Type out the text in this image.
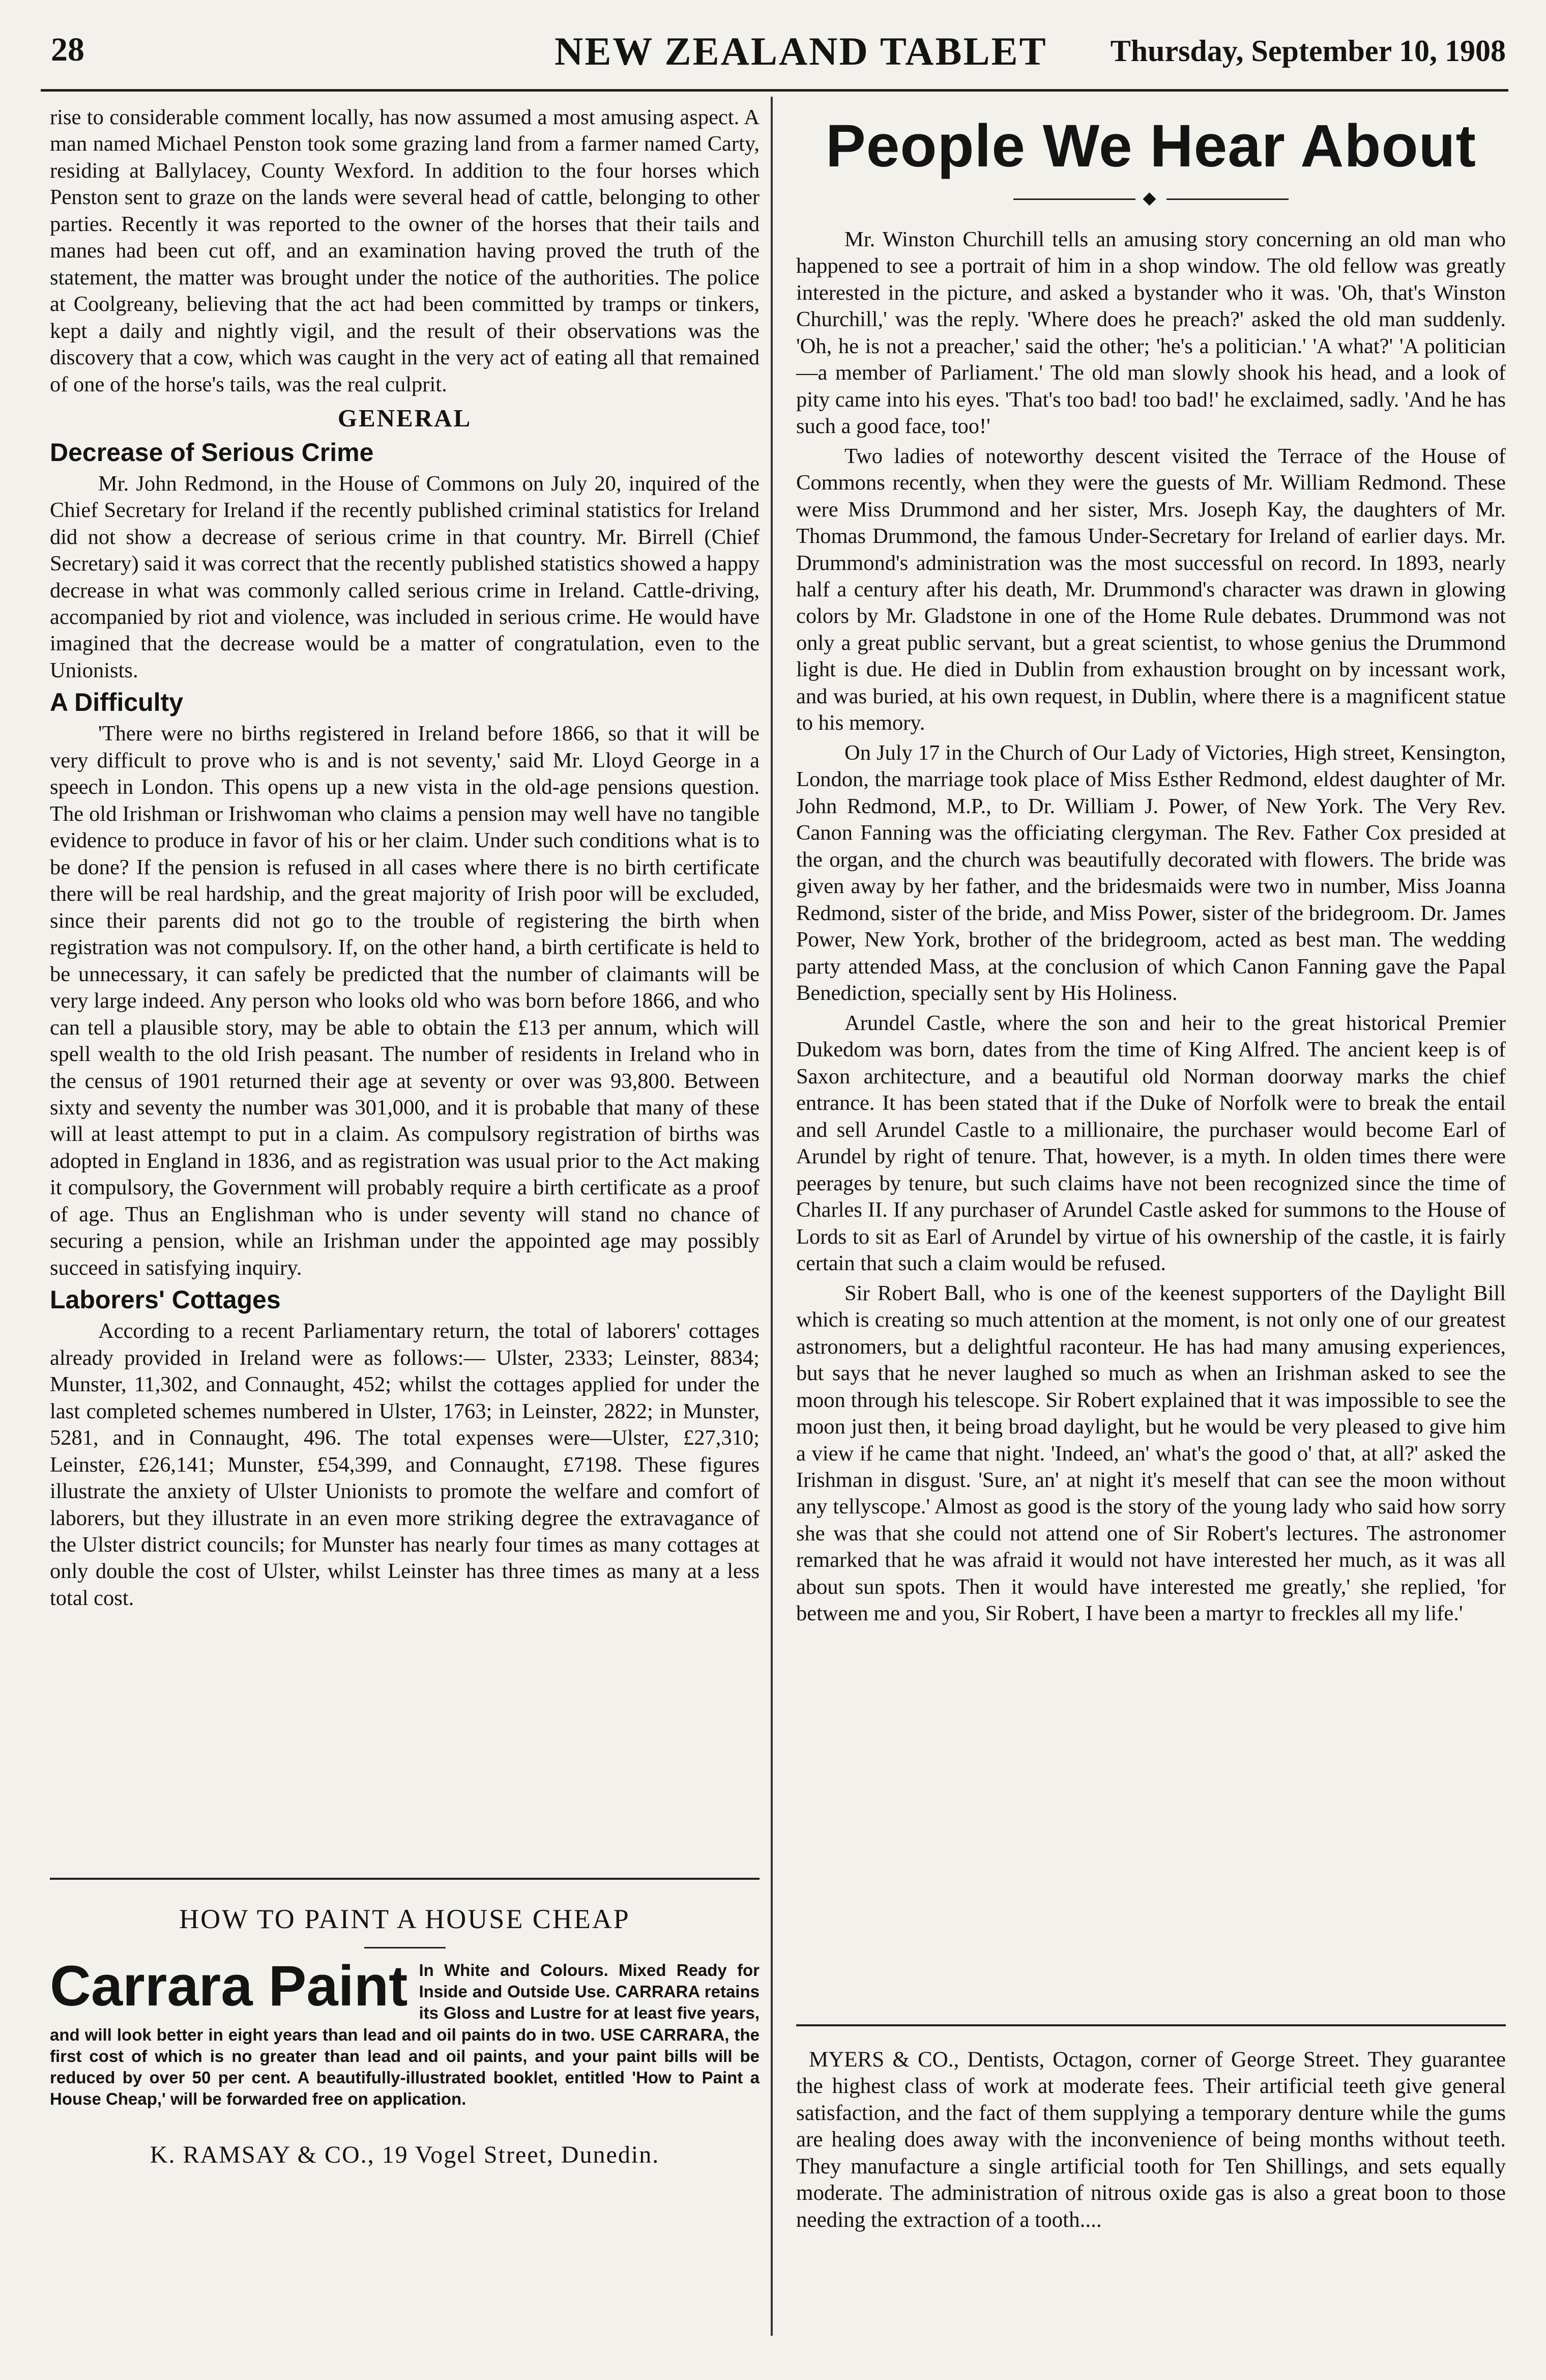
28	NEW ZEALAND TABLET Thursday, September 10, 1908

rise to considerable comment locally, has now assumed a most amusing aspect. A man named Michael Penston took some grazing land from a farmer named Carty, residing at Ballylacey, County Wexford. In addition to the four horses which Penston sent to graze on the lands were several head of cattle, belonging to other parties. Recently it was reported to the owner of the horses that their tails and manes had been cut off, and an examination having proved the truth of the statement, the matter was brought under the notice of the authorities. The police at Coolgreany, believing that the act had been committed by tramps or tinkers, kept a daily and nightly vigil, and the result of their observations was the discovery that a cow, which was caught in the very act of eating all that remained of one of the horse's tails, was the real culprit.

GENERAL
Decrease of Serious Crime

Mr. John Redmond, in the House of Commons on July 20, inquired of the Chief Secretary for Ireland if the recently published criminal statistics for Ireland did not show a decrease of serious crime in that country. Mr. Birrell (Chief Secretary) said it was correct that the recently published statistics showed a happy decrease in what was commonly called serious crime in Ireland. Cattle-driving, accompanied by riot and violence, was included in serious crime. He would have imagined that the decrease would be a matter of congratulation, even to the Unionists.

A Difficulty

'There were no births registered in Ireland before 1866, so that it will be very difficult to prove who is and is not seventy,' said Mr. Lloyd George in a speech in London. This opens up a new vista in the old-age pensions question. The old Irishman or Irishwoman who claims a pension may well have no tangible evidence to produce in favor of his or her claim. Under such conditions what is to be done? If the pension is refused in all cases where there is no birth certificate there will be real hardship, and the great majority of Irish poor will be excluded, since their parents did not go to the trouble of registering the birth when registration was not compulsory. If, on the other hand, a birth certificate is held to be unnecessary, it can safely be predicted that the number of claimants will be very large indeed. Any person who looks old who was born before 1866, and who can tell a plausible story, may be able to obtain the £13 per annum, which will spell wealth to the old Irish peasant. The number of residents in Ireland who in the census of 1901 returned their age at seventy or over was 93,800. Between sixty and seventy the number was 301,000, and it is probable that many of these will at least attempt to put in a claim. As compulsory registration of births was adopted in England in 1836, and as registration was usual prior to the Act making it compulsory, the Government will probably require a birth certificate as a proof of age. Thus an Englishman who is under seventy will stand no chance of securing a pension, while an Irishman under the appointed age may possibly succeed in satisfying inquiry.

Laborers' Cottages

According to a recent Parliamentary return, the total of laborers' cottages already provided in Ireland were as follows:— Ulster, 2333; Leinster, 8834; Munster, 11,302, and Connaught, 452; whilst the cottages applied for under the last completed schemes numbered in Ulster, 1763; in Leinster, 2822; in Munster, 5281, and in Connaught, 496. The total expenses were—Ulster, £27,310; Leinster, £26,141; Munster, £54,399, and Connaught, £7198. These figures illustrate the anxiety of Ulster Unionists to promote the welfare and comfort of laborers, but they illustrate in an even more striking degree the extravagance of the Ulster district councils; for Munster has nearly four times as many cottages at only double the cost of Ulster, whilst Leinster has three times as many at a less total cost.

HOW TO PAINT A HOUSE CHEAP
Carrara Paint In White and Colours. Mixed Ready for Inside and Outside Use. CARRARA retains its Gloss and Lustre for at least five years, and will look better in eight years than lead and oil paints do in two. USE CARRARA, the first cost of which is no greater than lead and oil paints, and your paint bills will be reduced by over 50 per cent. A beautifully-illustrated booklet, entitled 'How to Paint a House Cheap,' will be forwarded free on application.
K. RAMSAY & CO., 19 Vogel Street, Dunedin.
People We Hear About
◆

Mr. Winston Churchill tells an amusing story concerning an old man who happened to see a portrait of him in a shop window. The old fellow was greatly interested in the picture, and asked a bystander who it was. 'Oh, that's Winston Churchill,' was the reply. 'Where does he preach?' asked the old man suddenly. 'Oh, he is not a preacher,' said the other; 'he's a politician.' 'A what?' 'A politician—a member of Parliament.' The old man slowly shook his head, and a look of pity came into his eyes. 'That's too bad! too bad!' he exclaimed, sadly. 'And he has such a good face, too!'

Two ladies of noteworthy descent visited the Terrace of the House of Commons recently, when they were the guests of Mr. William Redmond. These were Miss Drummond and her sister, Mrs. Joseph Kay, the daughters of Mr. Thomas Drummond, the famous Under-Secretary for Ireland of earlier days. Mr. Drummond's administration was the most successful on record. In 1893, nearly half a century after his death, Mr. Drummond's character was drawn in glowing colors by Mr. Gladstone in one of the Home Rule debates. Drummond was not only a great public servant, but a great scientist, to whose genius the Drummond light is due. He died in Dublin from exhaustion brought on by incessant work, and was buried, at his own request, in Dublin, where there is a magnificent statue to his memory.

On July 17 in the Church of Our Lady of Victories, High street, Kensington, London, the marriage took place of Miss Esther Redmond, eldest daughter of Mr. John Redmond, M.P., to Dr. William J. Power, of New York. The Very Rev. Canon Fanning was the officiating clergyman. The Rev. Father Cox presided at the organ, and the church was beautifully decorated with flowers. The bride was given away by her father, and the bridesmaids were two in number, Miss Joanna Redmond, sister of the bride, and Miss Power, sister of the bridegroom. Dr. James Power, New York, brother of the bridegroom, acted as best man. The wedding party attended Mass, at the conclusion of which Canon Fanning gave the Papal Benediction, specially sent by His Holiness.

Arundel Castle, where the son and heir to the great historical Premier Dukedom was born, dates from the time of King Alfred. The ancient keep is of Saxon architecture, and a beautiful old Norman doorway marks the chief entrance. It has been stated that if the Duke of Norfolk were to break the entail and sell Arundel Castle to a millionaire, the purchaser would become Earl of Arundel by right of tenure. That, however, is a myth. In olden times there were peerages by tenure, but such claims have not been recognized since the time of Charles II. If any purchaser of Arundel Castle asked for summons to the House of Lords to sit as Earl of Arundel by virtue of his ownership of the castle, it is fairly certain that such a claim would be refused.

Sir Robert Ball, who is one of the keenest supporters of the Daylight Bill which is creating so much attention at the moment, is not only one of our greatest astronomers, but a delightful raconteur. He has had many amusing experiences, but says that he never laughed so much as when an Irishman asked to see the moon through his telescope. Sir Robert explained that it was impossible to see the moon just then, it being broad daylight, but he would be very pleased to give him a view if he came that night. 'Indeed, an' what's the good o' that, at all?' asked the Irishman in disgust. 'Sure, an' at night it's meself that can see the moon without any tellyscope.' Almost as good is the story of the young lady who said how sorry she was that she could not attend one of Sir Robert's lectures. The astronomer remarked that he was afraid it would not have interested her much, as it was all about sun spots. Then it would have interested me greatly,' she replied, 'for between me and you, Sir Robert, I have been a martyr to freckles all my life.'

MYERS & CO., Dentists, Octagon, corner of George Street. They guarantee the highest class of work at moderate fees. Their artificial teeth give general satisfaction, and the fact of them supplying a temporary denture while the gums are healing does away with the inconvenience of being months without teeth. They manufacture a single artificial tooth for Ten Shillings, and sets equally moderate. The administration of nitrous oxide gas is also a great boon to those needing the extraction of a tooth....
